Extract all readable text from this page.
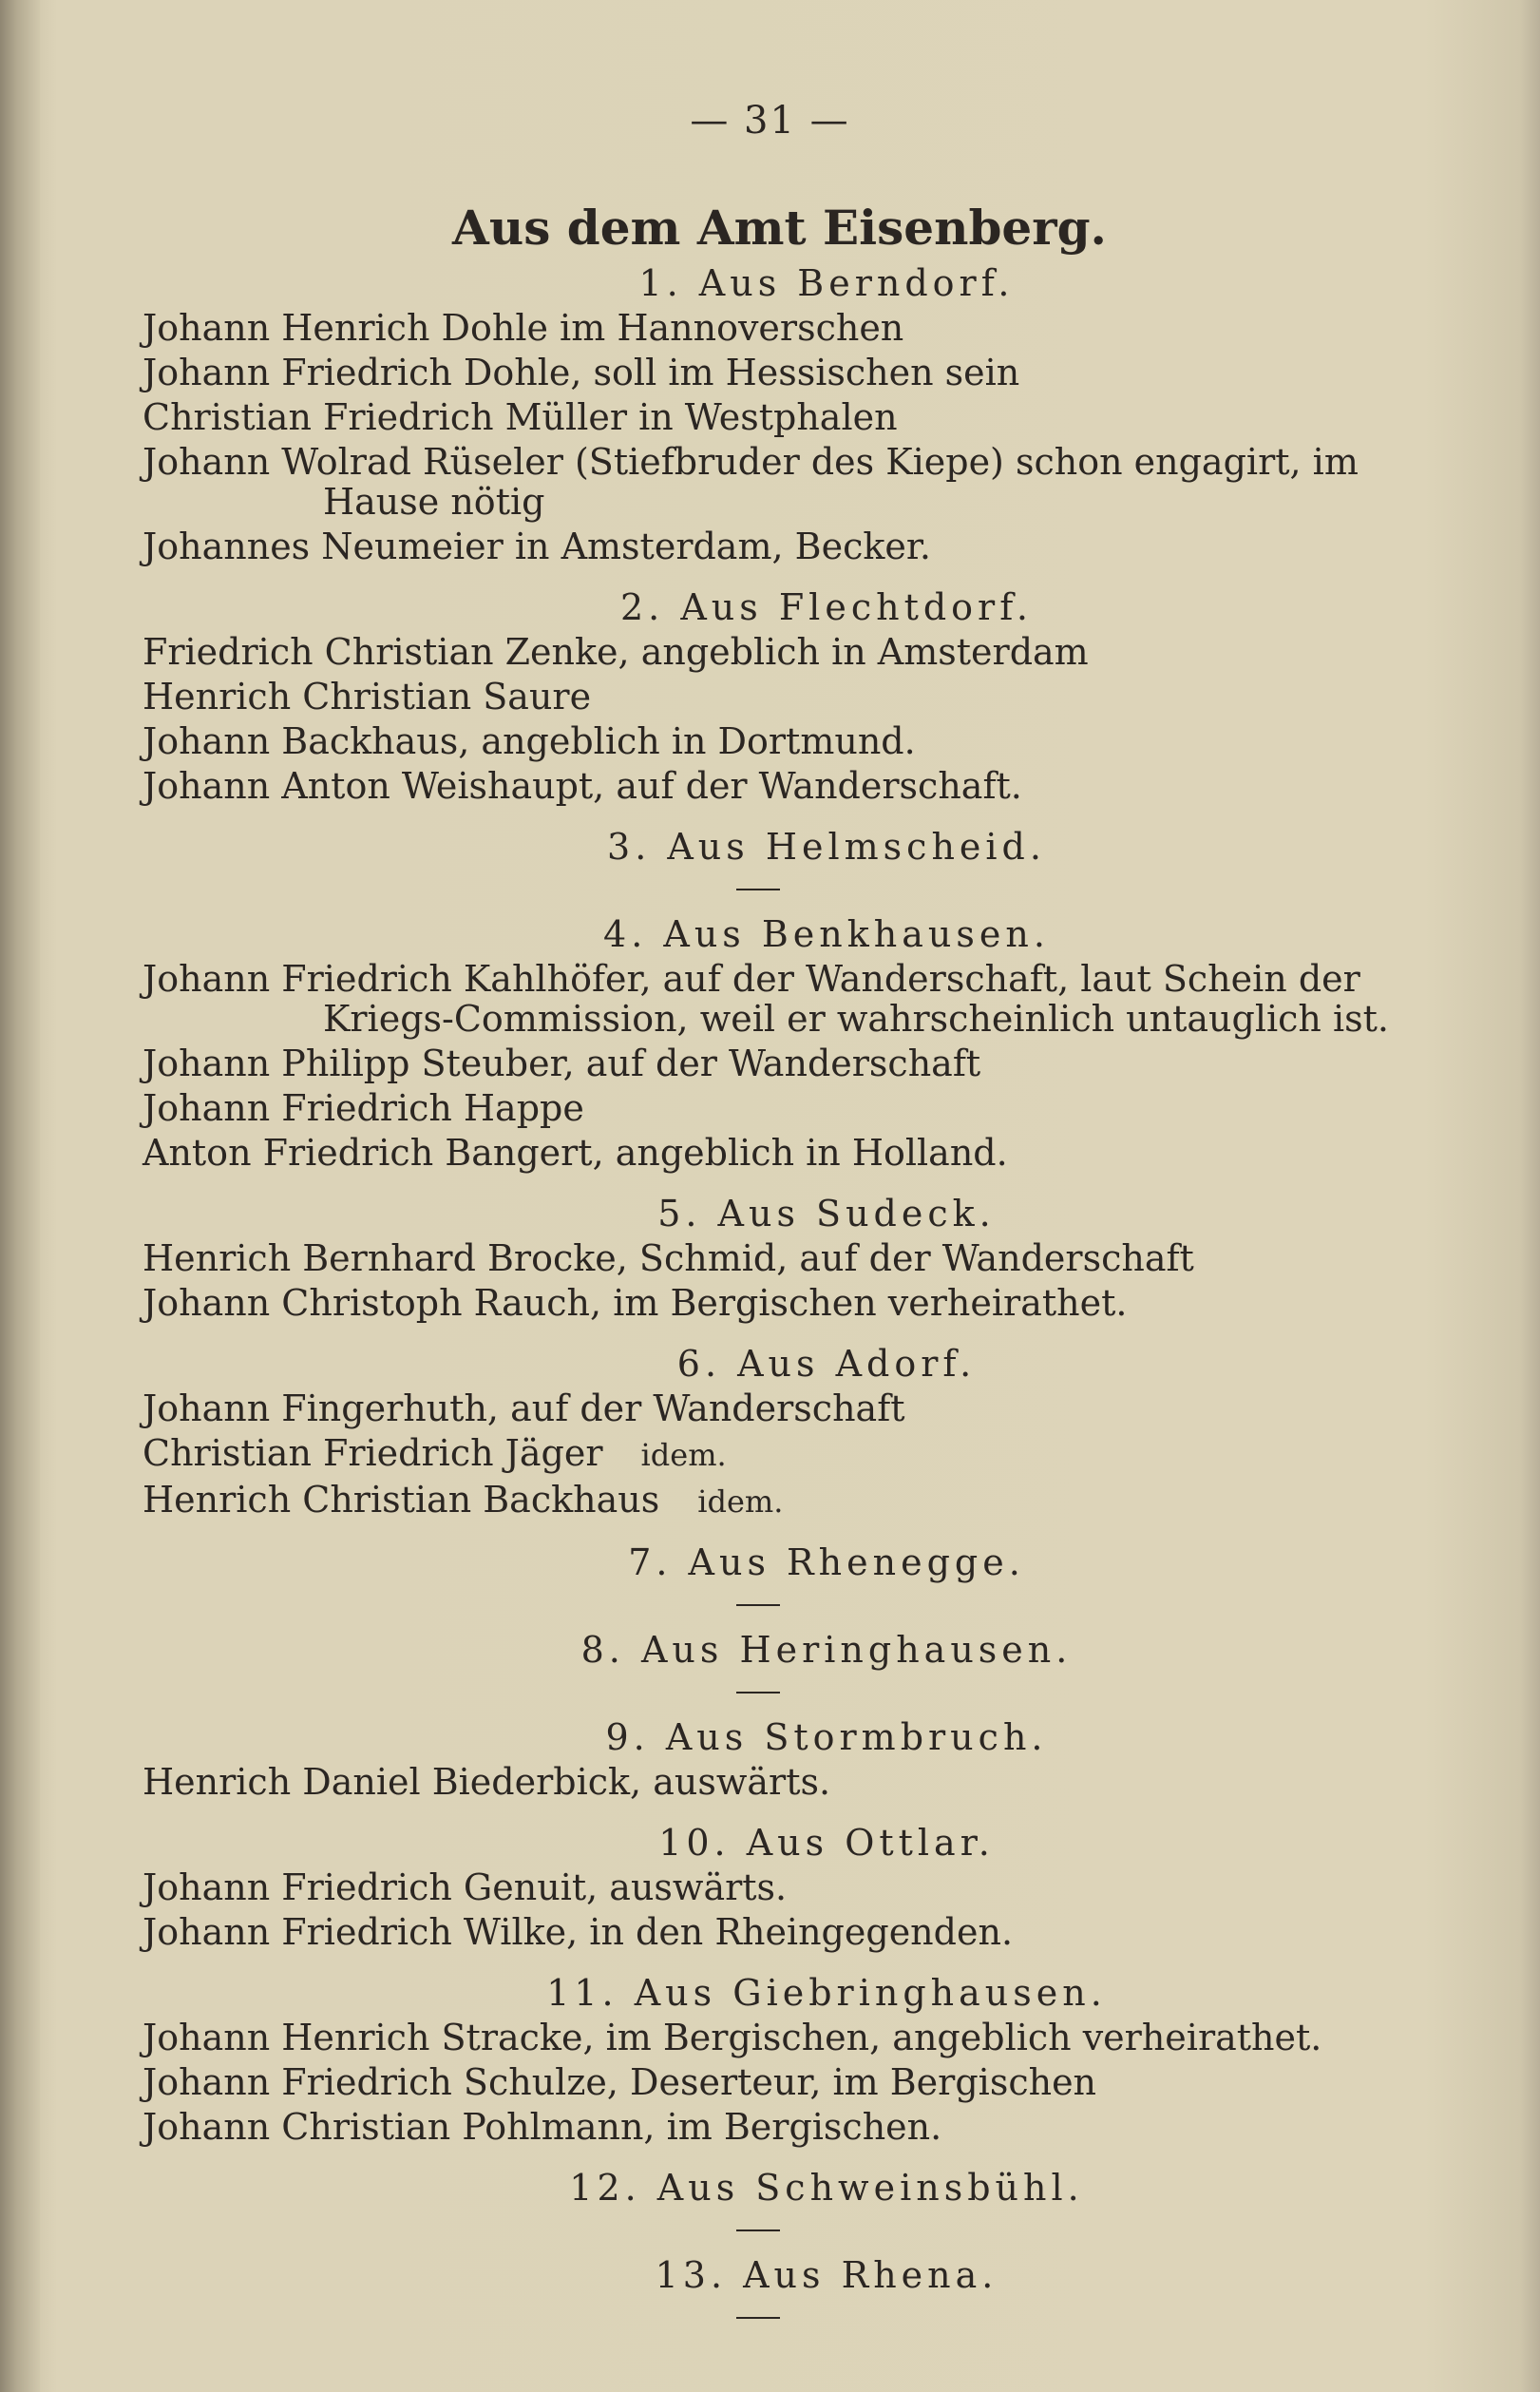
— 31 —
Aus dem Amt Eisenberg.
1. Aus Berndorf.
Johann Henrich Dohle im Hannoverschen
Johann Friedrich Dohle, soll im Hessischen sein
Christian Friedrich Müller in Westphalen
Johann Wolrad Rüseler (Stiefbruder des Kiepe) schon engagirt, im
Hause nötig
Johannes Neumeier in Amsterdam, Becker.
2. Aus Flechtdorf.
Friedrich Christian Zenke, angeblich in Amsterdam
Henrich Christian Saure
Johann Backhaus, angeblich in Dortmund.
Johann Anton Weishaupt, auf der Wanderschaft.
3. Aus Helmscheid.
4. Aus Benkhausen.
Johann Friedrich Kahlhöfer, auf der Wanderschaft, laut Schein der
Kriegs-Commission, weil er wahrscheinlich untauglich ist.
Johann Philipp Steuber, auf der Wanderschaft
Johann Friedrich Happe
Anton Friedrich Bangert, angeblich in Holland.
5. Aus Sudeck.
Henrich Bernhard Brocke, Schmid, auf der Wanderschaft
Johann Christoph Rauch, im Bergischen verheirathet.
6. Aus Adorf.
Johann Fingerhuth, auf der Wanderschaft
Christian Friedrich Jäger idem.
Henrich Christian Backhaus idem.
7. Aus Rhenegge.
8. Aus Heringhausen.
9. Aus Stormbruch.
Henrich Daniel Biederbick, auswärts.
10. Aus Ottlar.
Johann Friedrich Genuit, auswärts.
Johann Friedrich Wilke, in den Rheingegenden.
11. Aus Giebringhausen.
Johann Henrich Stracke, im Bergischen, angeblich verheirathet.
Johann Friedrich Schulze, Deserteur, im Bergischen
Johann Christian Pohlmann, im Bergischen.
12. Aus Schweinsbühl.
13. Aus Rhena.
